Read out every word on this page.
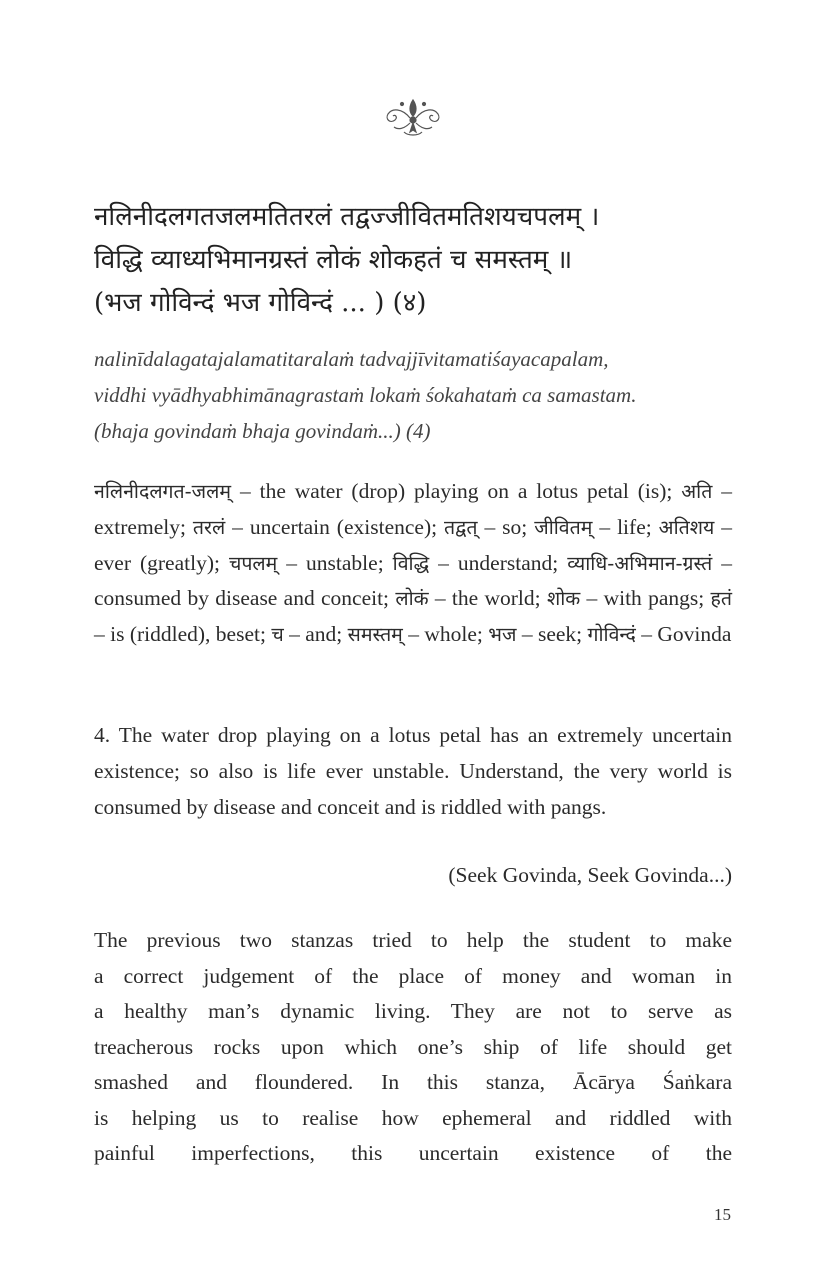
नलिनीदलगतजलमतितरलं तद्वज्जीवितमतिशयचपलम् ।
विद्धि व्याध्यभिमानग्रस्तं लोकं शोकहतं च समस्तम् ॥
(भज गोविन्दं भज गोविन्दं ... ) (४)
nalinīdalagatajalamatitaralaṁ tadvajjīvitamatiśayacapalam,
viddhi vyādhyabhimānagrastaṁ lokaṁ śokahataṁ ca samastam.
(bhaja govindaṁ bhaja govindaṁ...) (4)

नलिनीदलगत-जलम् – the water (drop) playing on a lotus petal (is); अति – extremely; तरलं – uncertain (existence); तद्वत् – so; जीवितम् – life; अतिशय – ever (greatly); चपलम् – unstable; विद्धि – understand; व्याधि-अभिमान-ग्रस्तं – consumed by disease and conceit; लोकं – the world; शोक – with pangs; हतं – is (riddled), beset; च – and; समस्तम् – whole; भज – seek; गोविन्दं – Govinda

4. The water drop playing on a lotus petal has an extremely uncertain existence; so also is life ever unstable. Understand, the very world is consumed by disease and conceit and is riddled with pangs.

(Seek Govinda, Seek Govinda...)
The previous two stanzas tried to help the student to make
a correct judgement of the place of money and woman in
a healthy man’s dynamic living. They are not to serve as
treacherous rocks upon which one’s ship of life should get
smashed and floundered. In this stanza, Ācārya Śaṅkara
is helping us to realise how ephemeral and riddled with
painful imperfections, this uncertain existence of the
15
